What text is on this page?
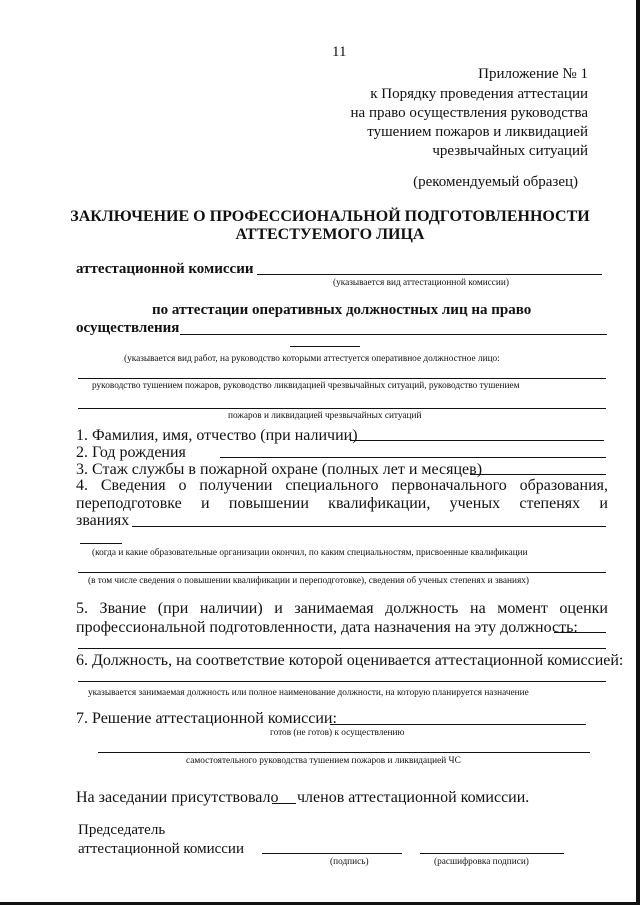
11
Приложение № 1
к Порядку проведения аттестации
на право осуществления руководства
тушением пожаров и ликвидацией
чрезвычайных ситуаций
(рекомендуемый образец)
ЗАКЛЮЧЕНИЕ О ПРОФЕССИОНАЛЬНОЙ ПОДГОТОВЛЕННОСТИ
АТТЕСТУЕМОГО ЛИЦА
аттестационной комиссии
(указывается вид аттестационной комиссии)
по аттестации оперативных должностных лиц на право
осуществления
(указывается вид работ, на руководство которыми аттестуется оперативное должностное лицо:
руководство тушением пожаров, руководство ликвидацией чрезвычайных ситуаций, руководство тушением
пожаров и ликвидацией чрезвычайных ситуаций
1. Фамилия, имя, отчество (при наличии)
2. Год рождения
3. Стаж службы в пожарной охране (полных лет и месяцев)
4. Сведения о получении специального первоначального образования,
переподготовке и повышении квалификации, ученых степенях и
званиях
(когда и какие образовательные организации окончил, по каким специальностям, присвоенные квалификации
(в том числе сведения о повышении квалификации и переподготовке), сведения об ученых степенях и званиях)
5. Звание (при наличии) и занимаемая должность на момент оценки
профессиональной подготовленности, дата назначения на эту должность:
6. Должность, на соответствие которой оценивается аттестационной комиссией:
указывается занимаемая должность или полное наименование должности, на которую планируется назначение
7. Решение аттестационной комиссии:
готов (не готов) к осуществлению
самостоятельного руководства тушением пожаров и ликвидацией ЧС
На заседании присутствовало членов аттестационной комиссии.
Председатель
аттестационной комиссии
(подпись)	(расшифровка подписи)
